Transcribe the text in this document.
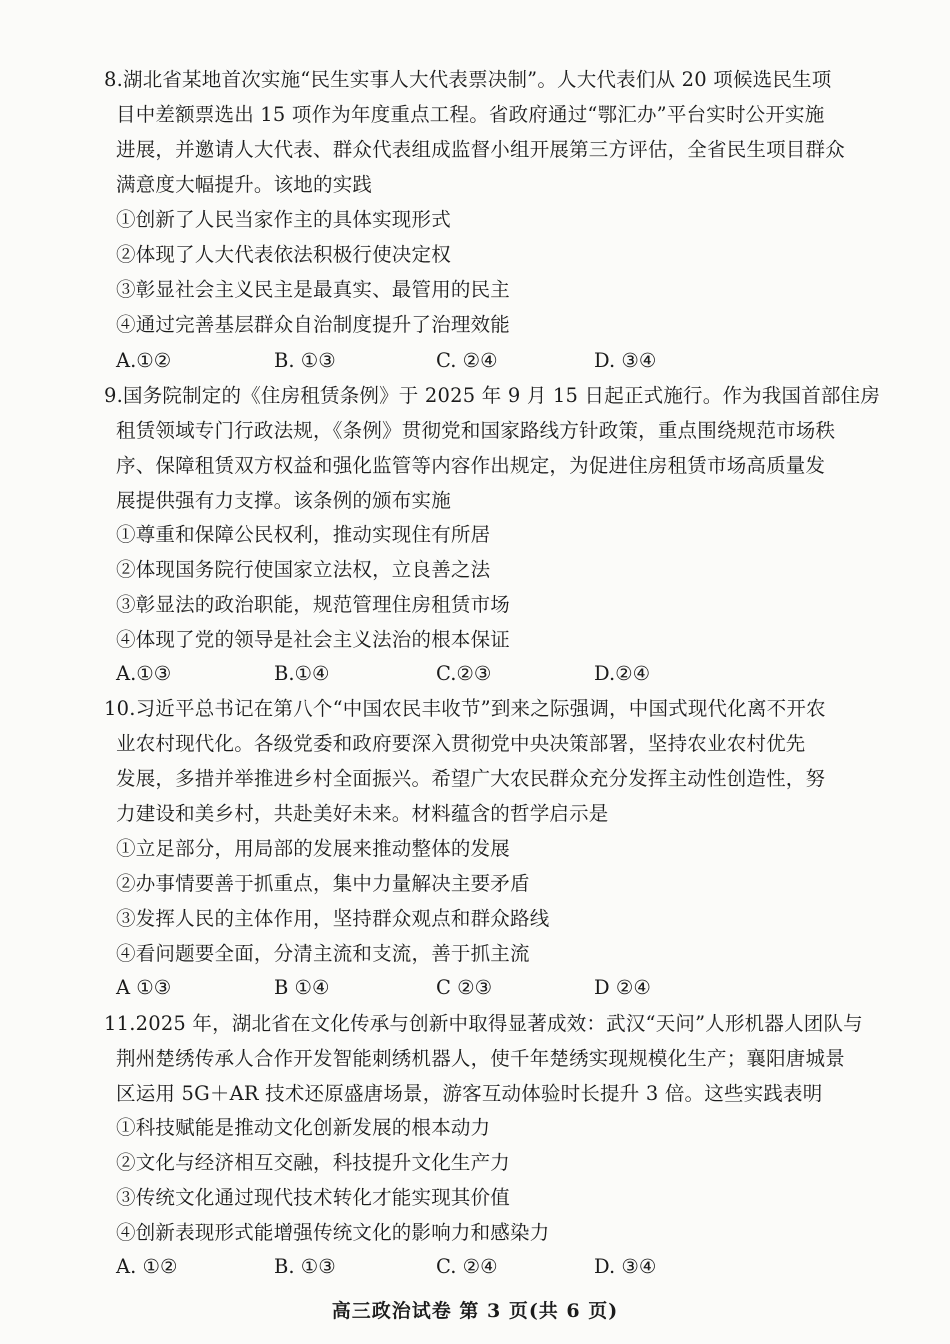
8.湖北省某地首次实施“民生实事人大代表票决制”。人大代表们从 20 项候选民生项
目中差额票选出 15 项作为年度重点工程。省政府通过“鄂汇办”平台实时公开实施
进展，并邀请人大代表、群众代表组成监督小组开展第三方评估，全省民生项目群众
满意度大幅提升。该地的实践
①创新了人民当家作主的具体实现形式
②体现了人大代表依法积极行使决定权
③彰显社会主义民主是最真实、最管用的民主
④通过完善基层群众自治制度提升了治理效能
A.①②	B. ①③	C. ②④	D. ③④
9.国务院制定的《住房租赁条例》于 2025 年 9 月 15 日起正式施行。作为我国首部住房
租赁领域专门行政法规，《条例》贯彻党和国家路线方针政策，重点围绕规范市场秩
序、保障租赁双方权益和强化监管等内容作出规定，为促进住房租赁市场高质量发
展提供强有力支撑。该条例的颁布实施
①尊重和保障公民权利，推动实现住有所居
②体现国务院行使国家立法权，立良善之法
③彰显法的政治职能，规范管理住房租赁市场
④体现了党的领导是社会主义法治的根本保证
A.①③	B.①④	C.②③	D.②④
10.习近平总书记在第八个“中国农民丰收节”到来之际强调，中国式现代化离不开农
业农村现代化。各级党委和政府要深入贯彻党中央决策部署，坚持农业农村优先
发展，多措并举推进乡村全面振兴。希望广大农民群众充分发挥主动性创造性，努
力建设和美乡村，共赴美好未来。材料蕴含的哲学启示是
①立足部分，用局部的发展来推动整体的发展
②办事情要善于抓重点，集中力量解决主要矛盾
③发挥人民的主体作用，坚持群众观点和群众路线
④看问题要全面，分清主流和支流，善于抓主流
A ①③	B ①④	C ②③	D ②④
11.2025 年，湖北省在文化传承与创新中取得显著成效：武汉“天问”人形机器人团队与
荆州楚绣传承人合作开发智能刺绣机器人，使千年楚绣实现规模化生产；襄阳唐城景
区运用 5G＋AR 技术还原盛唐场景，游客互动体验时长提升 3 倍。这些实践表明
①科技赋能是推动文化创新发展的根本动力
②文化与经济相互交融，科技提升文化生产力
③传统文化通过现代技术转化才能实现其价值
④创新表现形式能增强传统文化的影响力和感染力
A. ①②	B. ①③	C. ②④	D. ③④
高三政治试卷 第 3 页(共 6 页)
